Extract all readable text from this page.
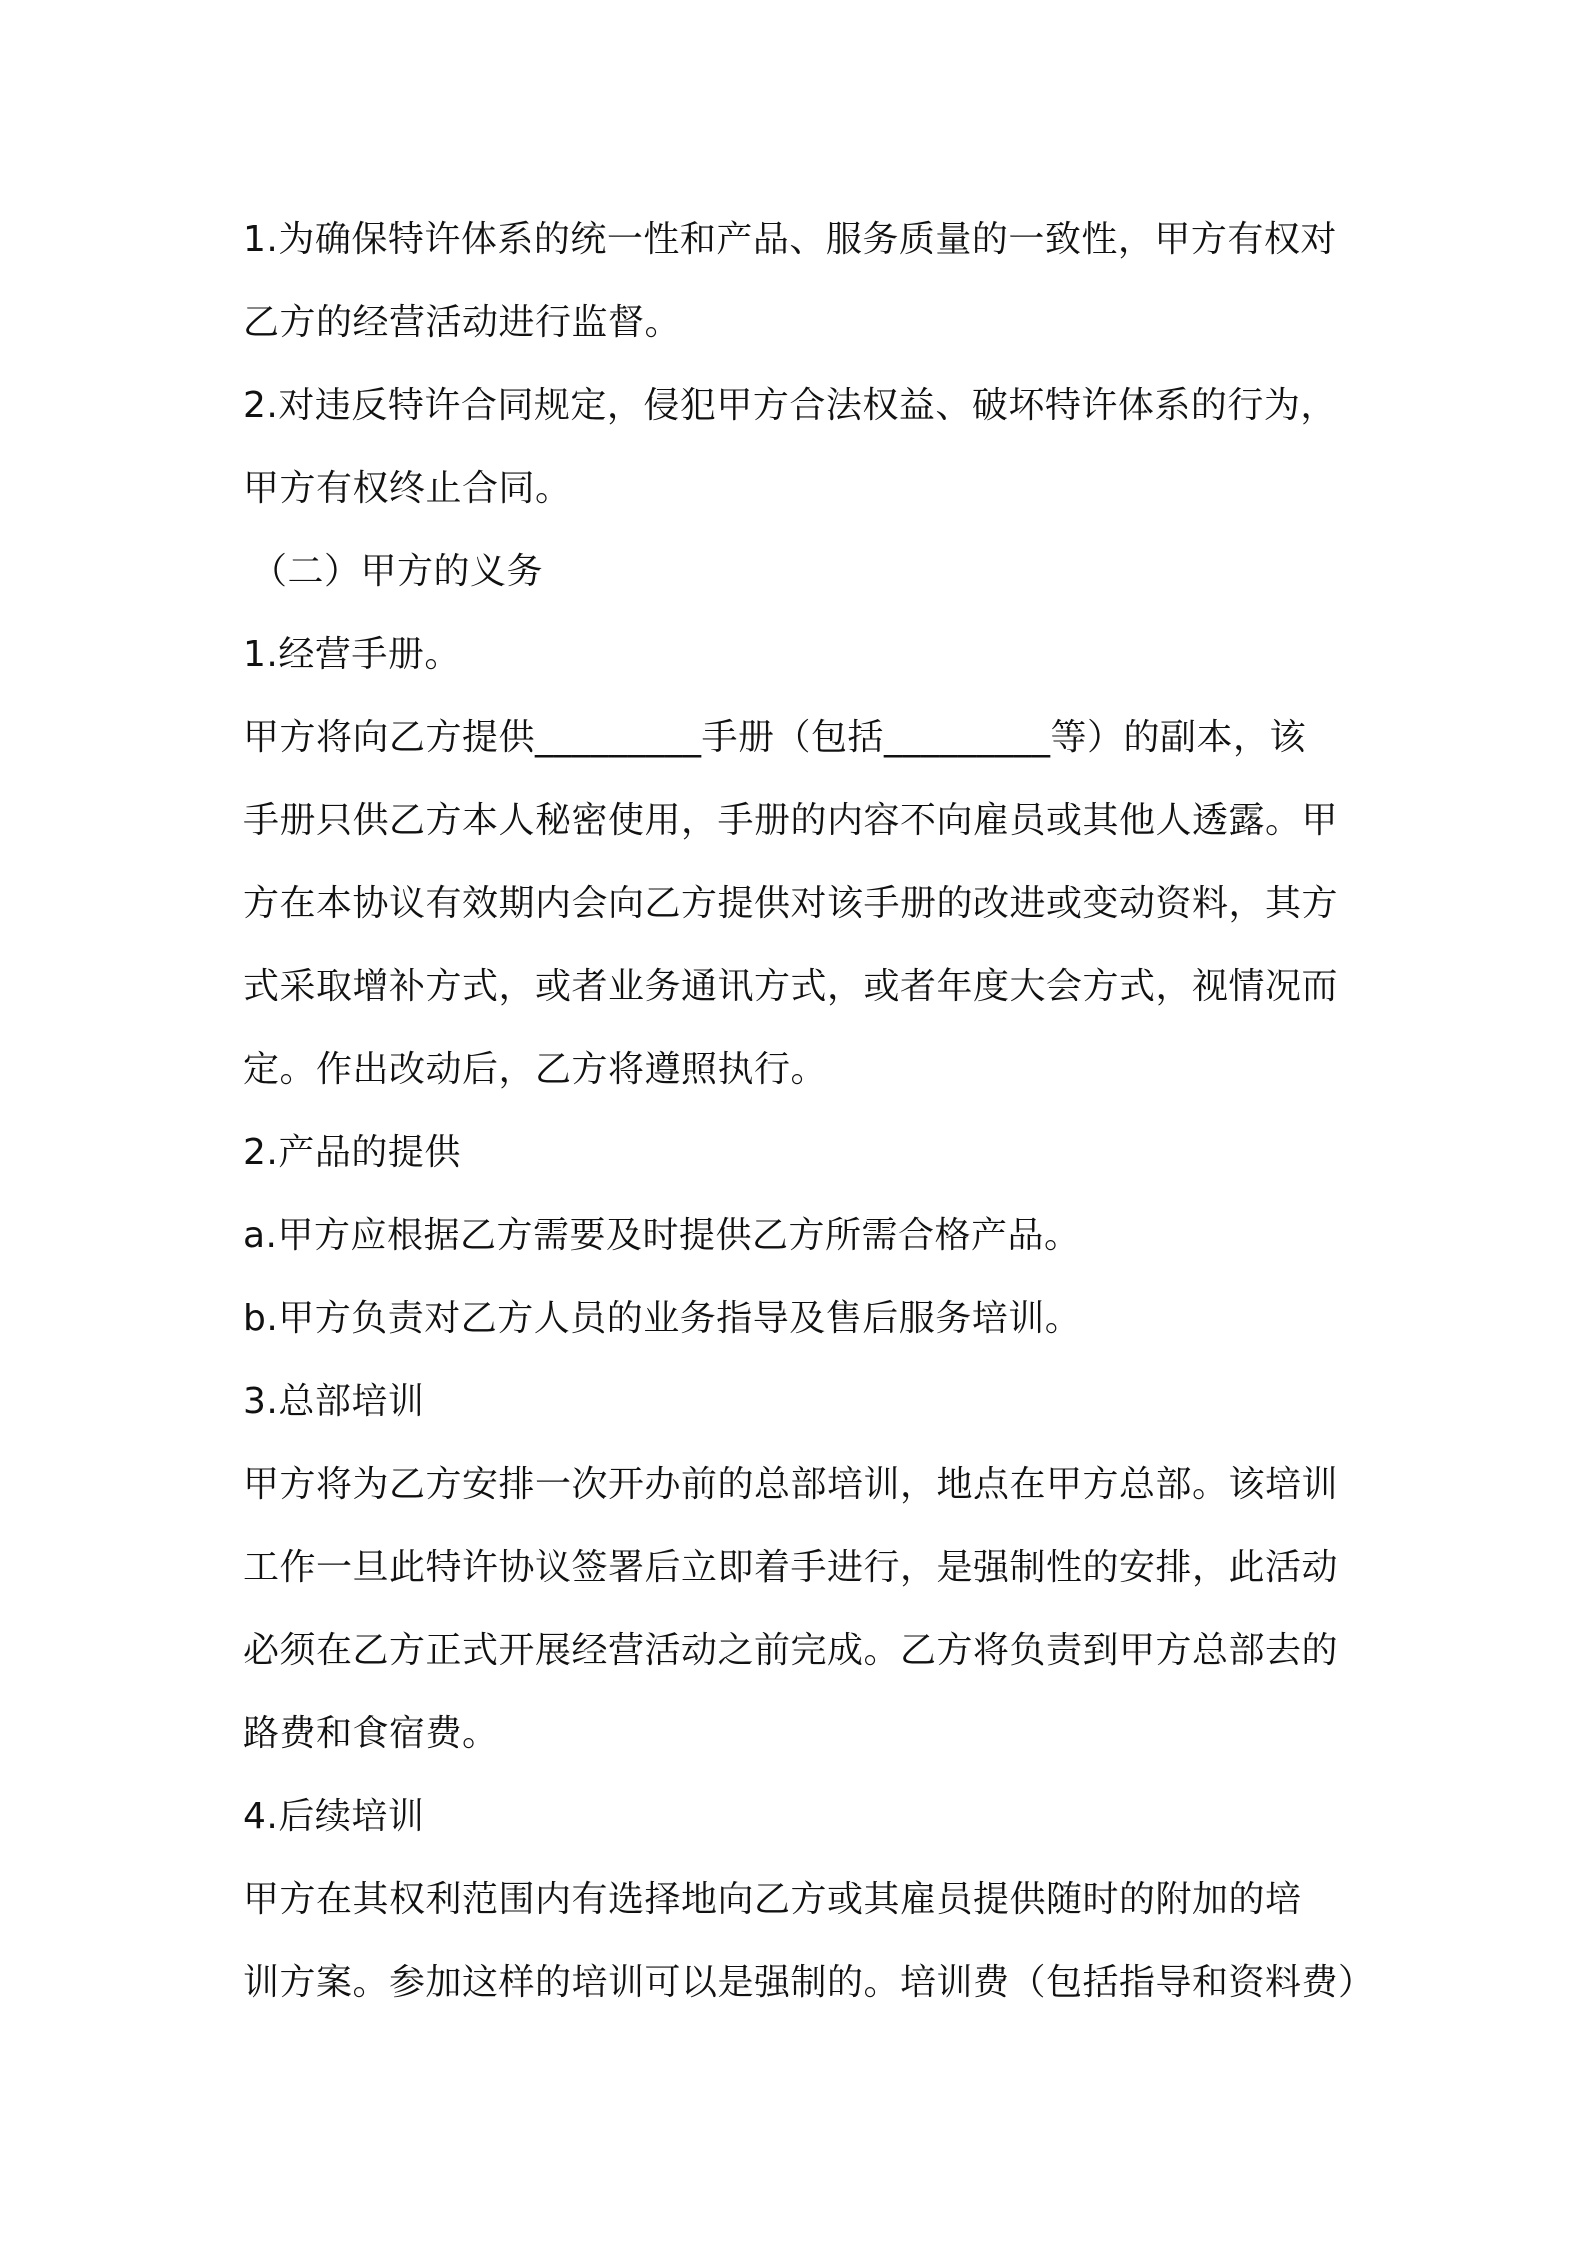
1.为确保特许体系的统一性和产品、服务质量的一致性，甲方有权对
乙方的经营活动进行监督。
2.对违反特许合同规定，侵犯甲方合法权益、破坏特许体系的行为，
甲方有权终止合同。
（二）甲方的义务
1.经营手册。
甲方将向乙方提供_________手册（包括_________等）的副本，该
手册只供乙方本人秘密使用，手册的内容不向雇员或其他人透露。甲
方在本协议有效期内会向乙方提供对该手册的改进或变动资料，其方
式采取增补方式，或者业务通讯方式，或者年度大会方式，视情况而
定。作出改动后，乙方将遵照执行。
2.产品的提供
a.甲方应根据乙方需要及时提供乙方所需合格产品。
b.甲方负责对乙方人员的业务指导及售后服务培训。
3.总部培训
甲方将为乙方安排一次开办前的总部培训，地点在甲方总部。该培训
工作一旦此特许协议签署后立即着手进行，是强制性的安排，此活动
必须在乙方正式开展经营活动之前完成。乙方将负责到甲方总部去的
路费和食宿费。
4.后续培训
甲方在其权利范围内有选择地向乙方或其雇员提供随时的附加的培
训方案。参加这样的培训可以是强制的。培训费（包括指导和资料费）
